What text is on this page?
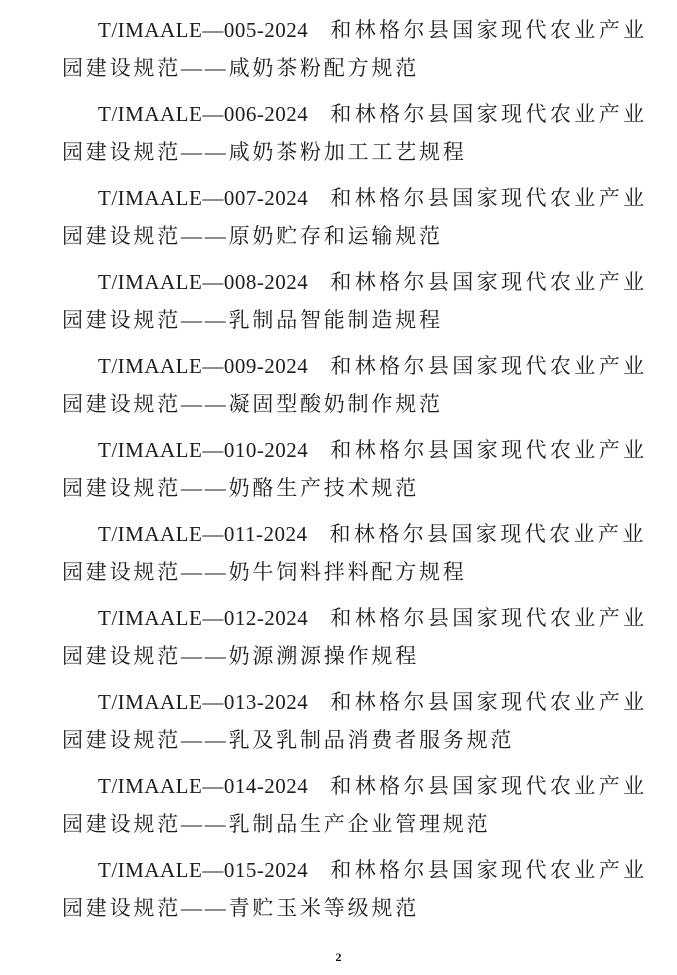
T/IMAALE—005-2024 和林格尔县国家现代农业产业

园建设规范——咸奶茶粉配方规范

T/IMAALE—006-2024 和林格尔县国家现代农业产业

园建设规范——咸奶茶粉加工工艺规程

T/IMAALE—007-2024 和林格尔县国家现代农业产业

园建设规范——原奶贮存和运输规范

T/IMAALE—008-2024 和林格尔县国家现代农业产业

园建设规范——乳制品智能制造规程

T/IMAALE—009-2024 和林格尔县国家现代农业产业

园建设规范——凝固型酸奶制作规范

T/IMAALE—010-2024 和林格尔县国家现代农业产业

园建设规范——奶酪生产技术规范

T/IMAALE—011-2024 和林格尔县国家现代农业产业

园建设规范——奶牛饲料拌料配方规程

T/IMAALE—012-2024 和林格尔县国家现代农业产业

园建设规范——奶源溯源操作规程

T/IMAALE—013-2024 和林格尔县国家现代农业产业

园建设规范——乳及乳制品消费者服务规范

T/IMAALE—014-2024 和林格尔县国家现代农业产业

园建设规范——乳制品生产企业管理规范

T/IMAALE—015-2024 和林格尔县国家现代农业产业

园建设规范——青贮玉米等级规范

2
